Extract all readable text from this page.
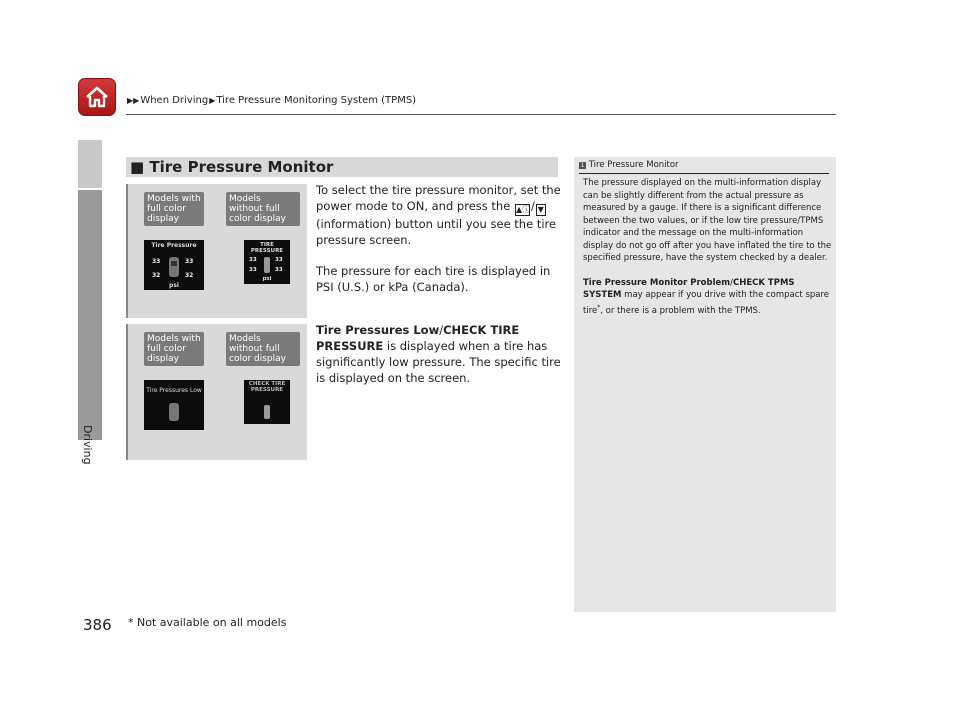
▶▶When Driving▶Tire Pressure Monitoring System (TPMS)
Driving
■ Tire Pressure Monitor
Models with full color display
Models without full color display
Tire Pressure
33	33
32	32
psi
TIRE PRESSURE
33	33
33	33
psi
Models with full color display
Models without full color display
Tire Pressures Low
CHECK TIRE PRESSURE

To select the tire pressure monitor, set the power mode to ON, and press the ▲ⓘ/ ▼ (information) button until you see the tire pressure screen.

The pressure for each tire is displayed in PSI (U.S.) or kPa (Canada).

Tire Pressures Low/CHECK TIRE PRESSURE is displayed when a tire has significantly low pressure. The specific tire is displayed on the screen.

1 Tire Pressure Monitor

The pressure displayed on the multi-information display can be slightly different from the actual pressure as measured by a gauge. If there is a significant difference between the two values, or if the low tire pressure/TPMS indicator and the message on the multi-information display do not go off after you have inflated the tire to the specified pressure, have the system checked by a dealer.

Tire Pressure Monitor Problem/CHECK TPMS SYSTEM may appear if you drive with the compact spare tire*, or there is a problem with the TPMS.

386 * Not available on all models
